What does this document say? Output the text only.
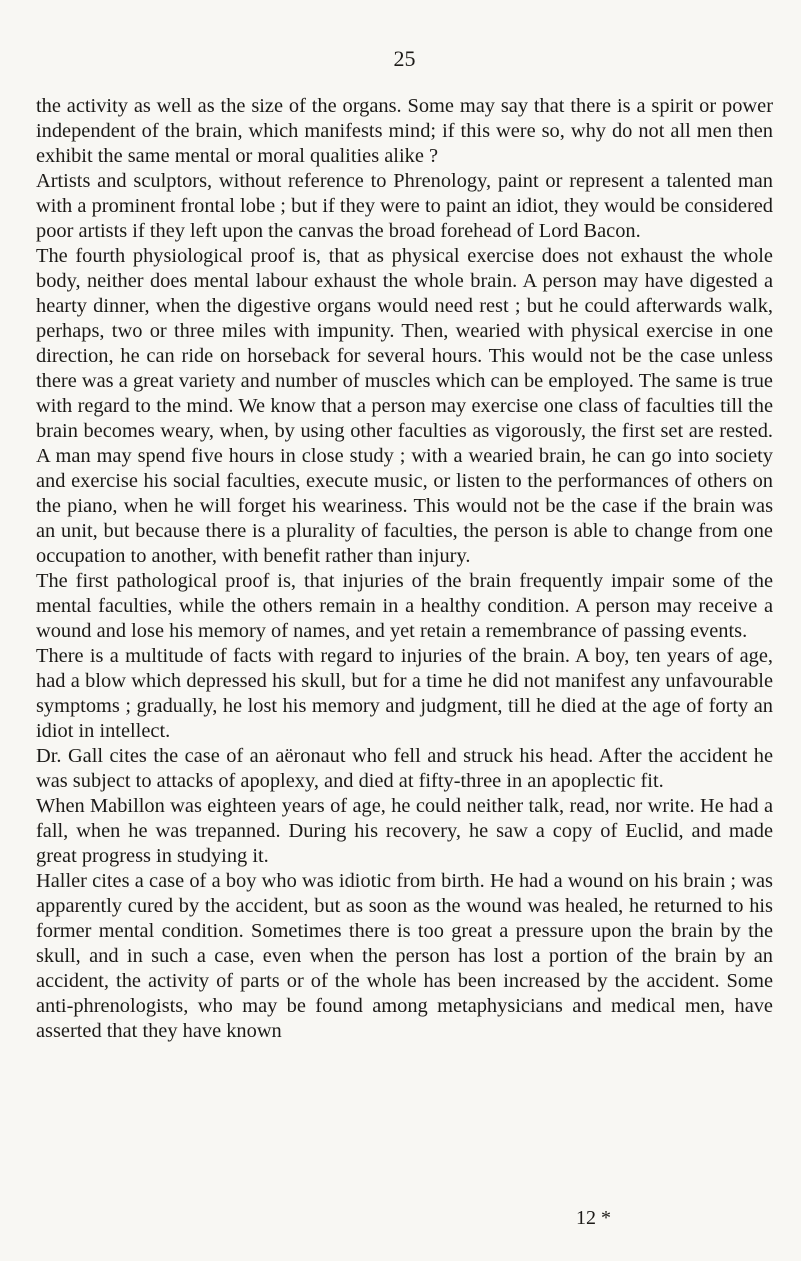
25

the activity as well as the size of the organs. Some may say that there is a spirit or power independent of the brain, which manifests mind; if this were so, why do not all men then exhibit the same mental or moral qualities alike ?

Artists and sculptors, without reference to Phrenology, paint or represent a talented man with a prominent frontal lobe ; but if they were to paint an idiot, they would be considered poor artists if they left upon the canvas the broad forehead of Lord Bacon.

The fourth physiological proof is, that as physical exercise does not exhaust the whole body, neither does mental labour exhaust the whole brain. A person may have digested a hearty dinner, when the digestive organs would need rest ; but he could afterwards walk, perhaps, two or three miles with impunity. Then, wearied with physical exercise in one direction, he can ride on horseback for several hours. This would not be the case unless there was a great variety and number of muscles which can be employed. The same is true with regard to the mind. We know that a person may exercise one class of faculties till the brain becomes weary, when, by using other faculties as vigorously, the first set are rested. A man may spend five hours in close study ; with a wearied brain, he can go into society and exercise his social faculties, execute music, or listen to the performances of others on the piano, when he will forget his weariness. This would not be the case if the brain was an unit, but because there is a plurality of faculties, the person is able to change from one occupation to another, with benefit rather than injury.

The first pathological proof is, that injuries of the brain frequently impair some of the mental faculties, while the others remain in a healthy condition. A person may receive a wound and lose his memory of names, and yet retain a remembrance of passing events.

There is a multitude of facts with regard to injuries of the brain. A boy, ten years of age, had a blow which depressed his skull, but for a time he did not manifest any unfavourable symptoms ; gradually, he lost his memory and judgment, till he died at the age of forty an idiot in intellect.

Dr. Gall cites the case of an aëronaut who fell and struck his head. After the accident he was subject to attacks of apoplexy, and died at fifty-three in an apoplectic fit.

When Mabillon was eighteen years of age, he could neither talk, read, nor write. He had a fall, when he was trepanned. During his recovery, he saw a copy of Euclid, and made great progress in studying it.

Haller cites a case of a boy who was idiotic from birth. He had a wound on his brain ; was apparently cured by the accident, but as soon as the wound was healed, he returned to his former mental condition. Sometimes there is too great a pressure upon the brain by the skull, and in such a case, even when the person has lost a portion of the brain by an accident, the activity of parts or of the whole has been increased by the accident. Some anti-phrenologists, who may be found among metaphysicians and medical men, have asserted that they have known

12 *
